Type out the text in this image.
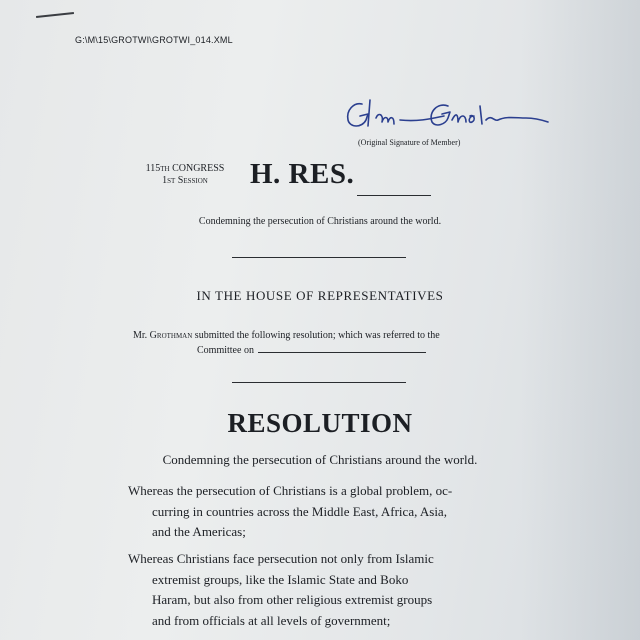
G:\M\15\GROTWI\GROTWI_014.XML
(Original Signature of Member)
115th CONGRESS
1st Session	H. RES.
Condemning the persecution of Christians around the world.
IN THE HOUSE OF REPRESENTATIVES
Mr. Grothman submitted the following resolution; which was referred to the
Committee on
RESOLUTION
Condemning the persecution of Christians around the world.
Whereas the persecution of Christians is a global problem, oc-
curring in countries across the Middle East, Africa, Asia,
and the Americas;
Whereas Christians face persecution not only from Islamic
extremist groups, like the Islamic State and Boko
Haram, but also from other religious extremist groups
and from officials at all levels of government;
